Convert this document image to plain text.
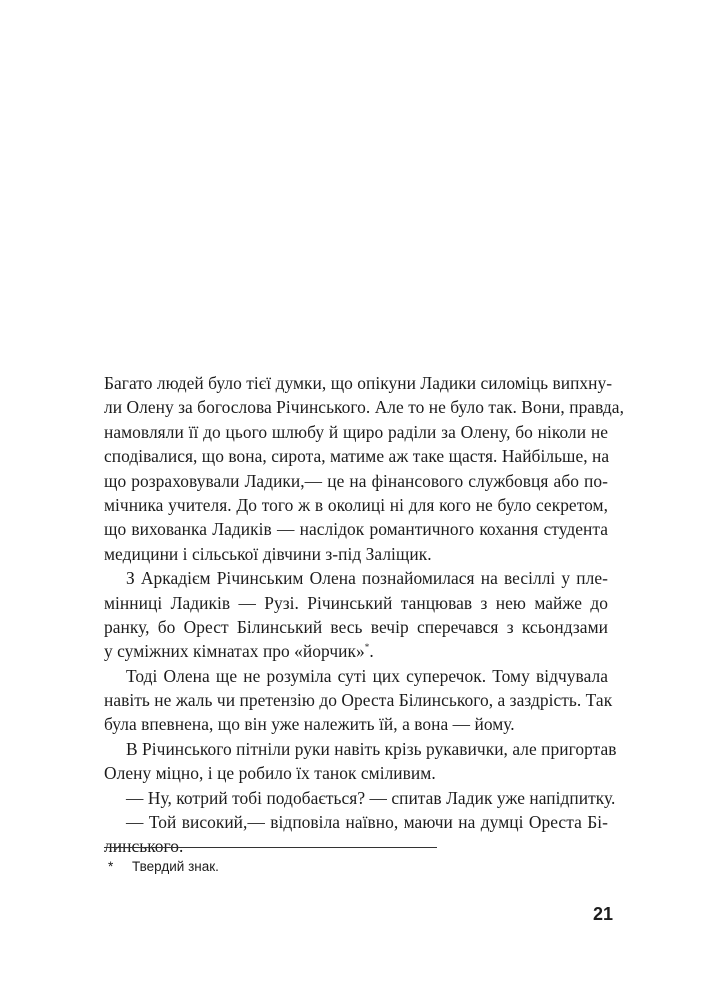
Багато людей було тієї думки, що опікуни Ладики силоміць випхну-
ли Олену за богослова Річинського. Але то не було так. Вони, правда,
намовляли її до цього шлюбу й щиро раділи за Олену, бо ніколи не
сподівалися, що вона, сирота, матиме аж таке щастя. Найбільше, на
що розраховували Ладики,— це на фінансового службовця або по-
мічника учителя. До того ж в околиці ні для кого не було секретом,
що вихованка Ладиків — наслідок романтичного кохання студента
медицини і сільської дівчини з-під Заліщик.
З Аркадієм Річинським Олена познайомилася на весіллі у пле-
мінниці Ладиків — Рузі. Річинський танцював з нею майже до
ранку, бо Орест Білинський весь вечір сперечався з ксьондзами
у суміжних кімнатах про «йорчик»*.
Тоді Олена ще не розуміла суті цих суперечок. Тому відчувала
навіть не жаль чи претензію до Ореста Білинського, а заздрість. Так
була впевнена, що він уже належить їй, а вона — йому.
В Річинського пітніли руки навіть крізь рукавички, але пригортав
Олену міцно, і це робило їх танок сміливим.
— Ну, котрий тобі подобається? — спитав Ладик уже напідпитку.
— Той високий,— відповіла наївно, маючи на думці Ореста Бі-
линського.
* Твердий знак.
21
